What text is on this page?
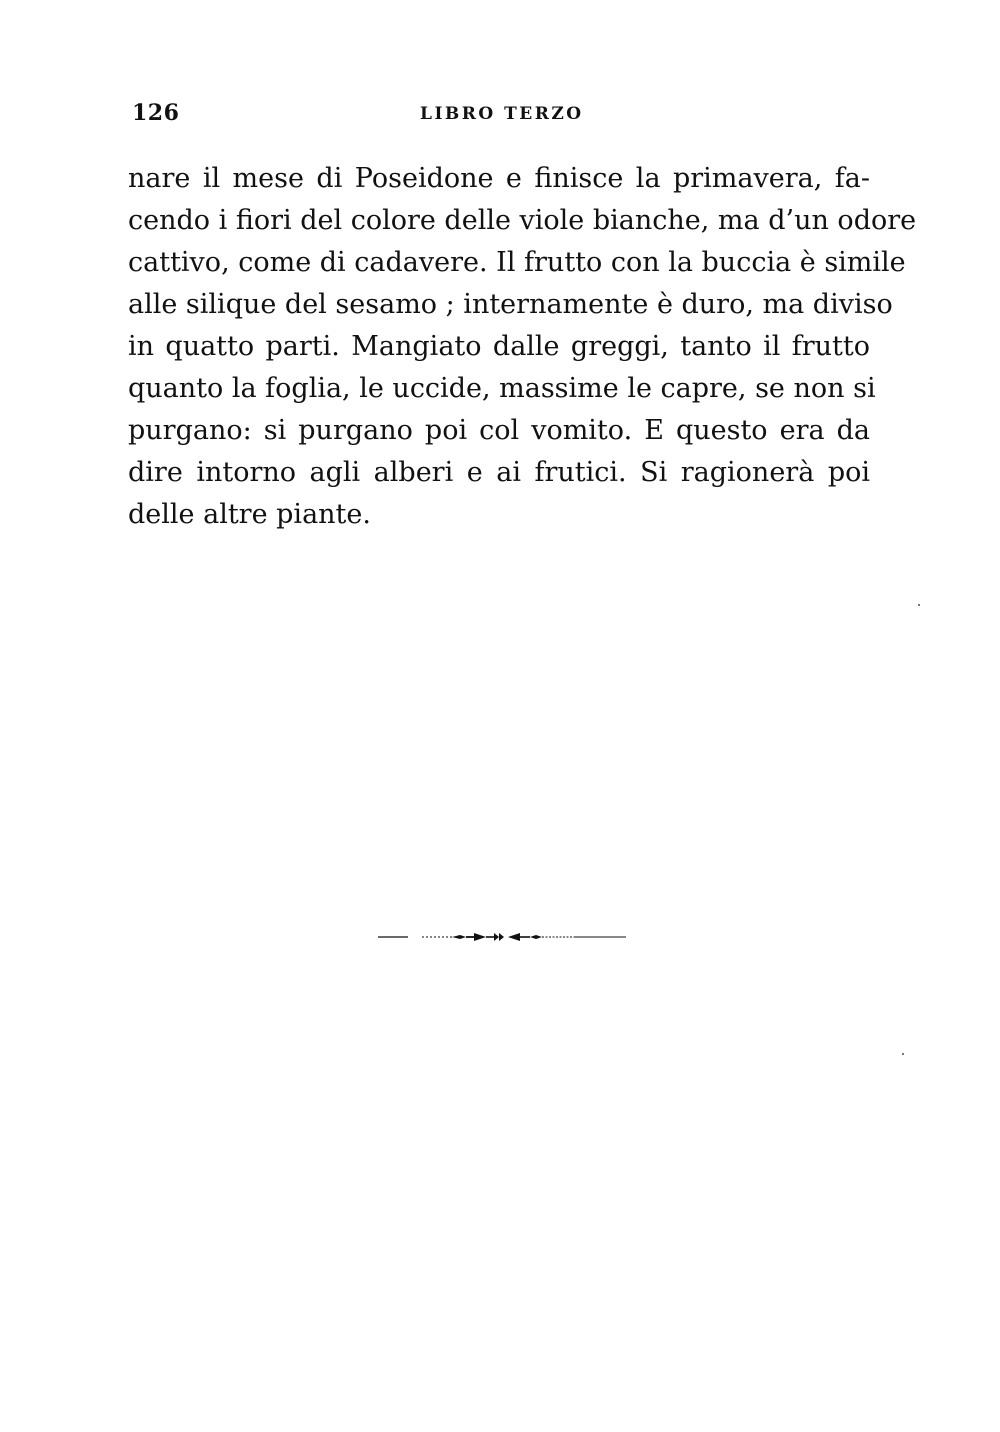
126	LIBRO TERZO
nare il mese di Poseidone e finisce la primavera, fa-
cendo i fiori del colore delle viole bianche, ma d’un odore
cattivo, come di cadavere. Il frutto con la buccia è simile
alle silique del sesamo ; internamente è duro, ma diviso
in quatto parti. Mangiato dalle greggi, tanto il frutto
quanto la foglia, le uccide, massime le capre, se non si
purgano: si purgano poi col vomito. E questo era da
dire intorno agli alberi e ai frutici. Si ragionerà poi
delle altre piante.
